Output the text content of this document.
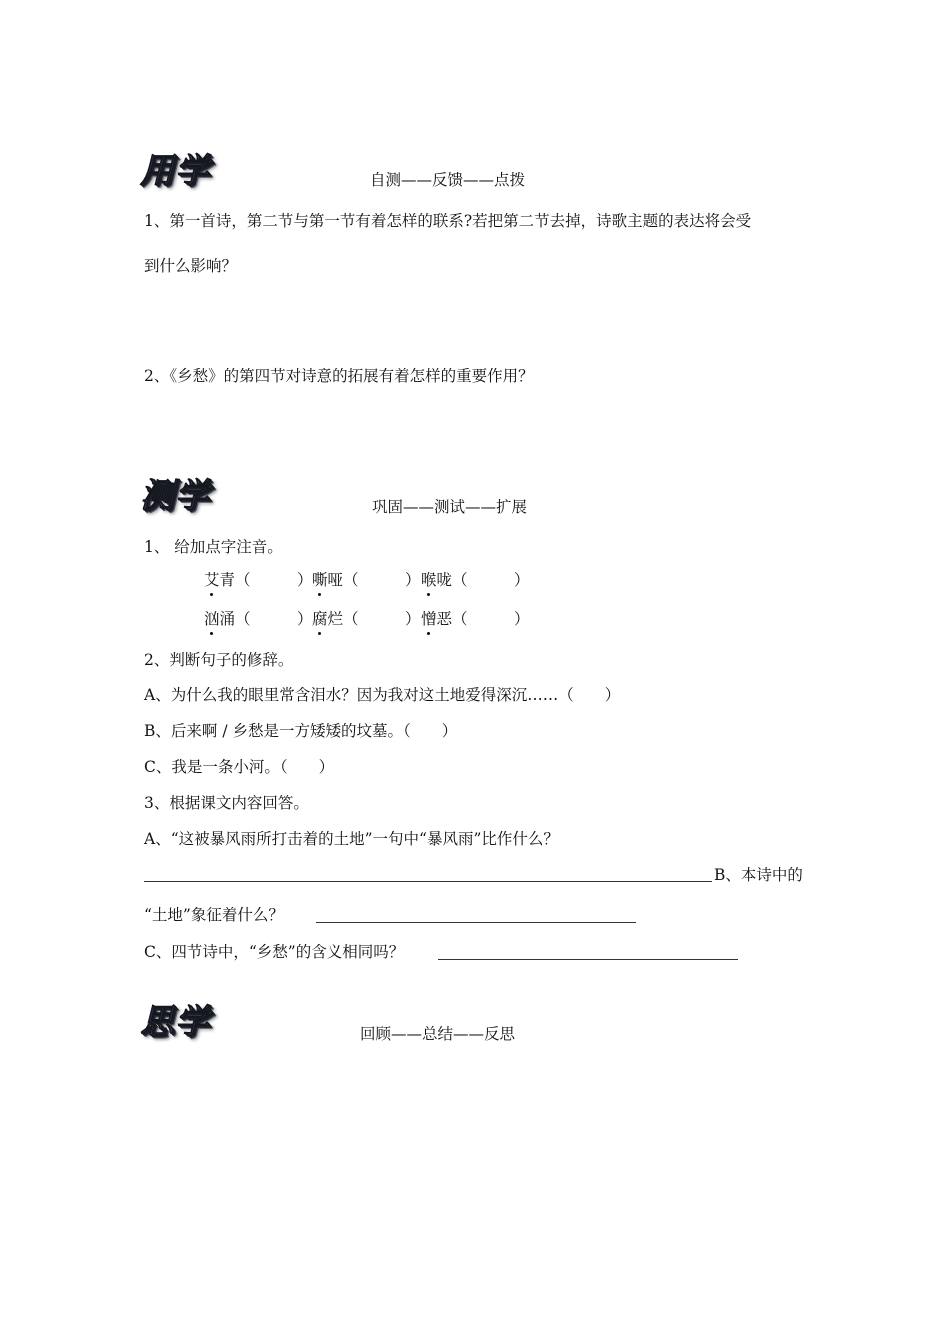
用学	自测——反馈——点拨
1、第一首诗，第二节与第一节有着怎样的联系?若把第二节去掉，诗歌主题的表达将会受
到什么影响？
2、《乡愁》的第四节对诗意的拓展有着怎样的重要作用？
测学	巩固——测试——扩展
1、 给加点字注音。
艾青（　　　） 嘶哑（　　　） 喉咙（　　　）
汹涌（　　　） 腐烂（　　　） 憎恶（　　　）
2、判断句子的修辞。
A、为什么我的眼里常含泪水？因为我对这土地爱得深沉……（　　）
B、后来啊 / 乡愁是一方矮矮的坟墓。（　　）
C、我是一条小河。（　　）
3、根据课文内容回答。
A、“这被暴风雨所打击着的土地”一句中“暴风雨”比作什么？
B、本诗中的
“土地”象征着什么？
C、四节诗中，“乡愁”的含义相同吗？
思学	回顾——总结——反思
